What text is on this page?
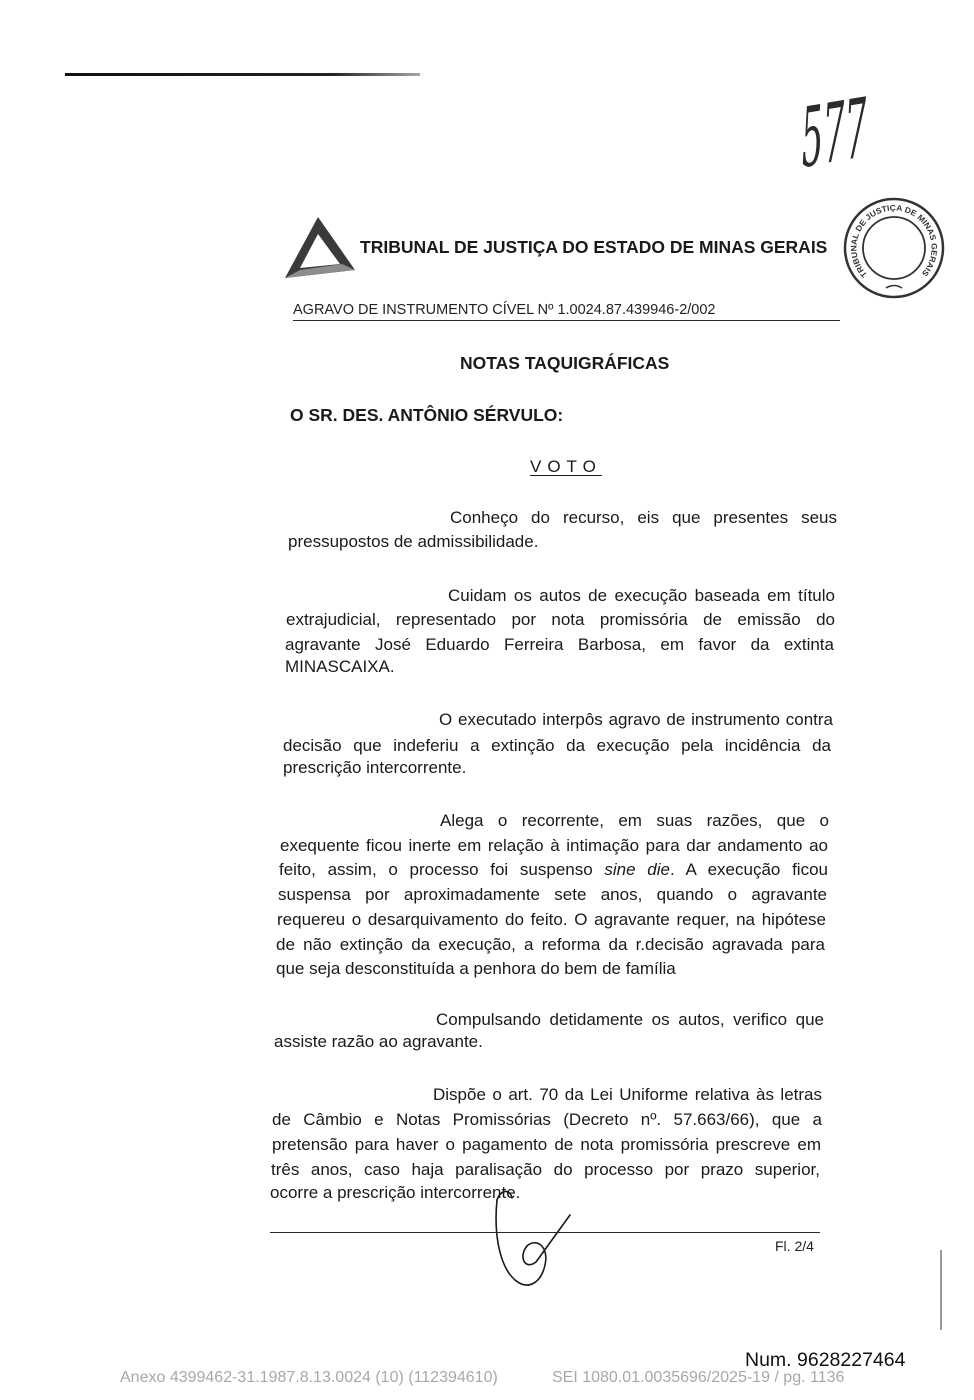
577
TRIBUNAL DE JUSTIÇA DO ESTADO DE MINAS GERAIS
TRIBUNAL DE JUSTIÇA DE MINAS GERAIS
AGRAVO DE INSTRUMENTO CÍVEL Nº 1.0024.87.439946-2/002
NOTAS TAQUIGRÁFICAS
O SR. DES. ANTÔNIO SÉRVULO:
VOTO
Conheço do recurso, eis que presentes seus
pressupostos de admissibilidade.
Cuidam os autos de execução baseada em título
extrajudicial, representado por nota promissória de emissão do
agravante José Eduardo Ferreira Barbosa, em favor da extinta
MINASCAIXA.
O executado interpôs agravo de instrumento contra
decisão que indeferiu a extinção da execução pela incidência da
prescrição intercorrente.
Alega o recorrente, em suas razões, que o
exequente ficou inerte em relação à intimação para dar andamento ao
feito, assim, o processo foi suspenso sine die. A execução ficou
suspensa por aproximadamente sete anos, quando o agravante
requereu o desarquivamento do feito. O agravante requer, na hipótese
de não extinção da execução, a reforma da r.decisão agravada para
que seja desconstituída a penhora do bem de família
Compulsando detidamente os autos, verifico que
assiste razão ao agravante.
Dispõe o art. 70 da Lei Uniforme relativa às letras
de Câmbio e Notas Promissórias (Decreto nº. 57.663/66), que a
pretensão para haver o pagamento de nota promissória prescreve em
três anos, caso haja paralisação do processo por prazo superior,
ocorre a prescrição intercorrente.
Fl. 2/4
Num. 9628227464
Anexo 4399462-31.1987.8.13.0024 (10) (112394610)	SEI 1080.01.0035696/2025-19 / pg. 1136
